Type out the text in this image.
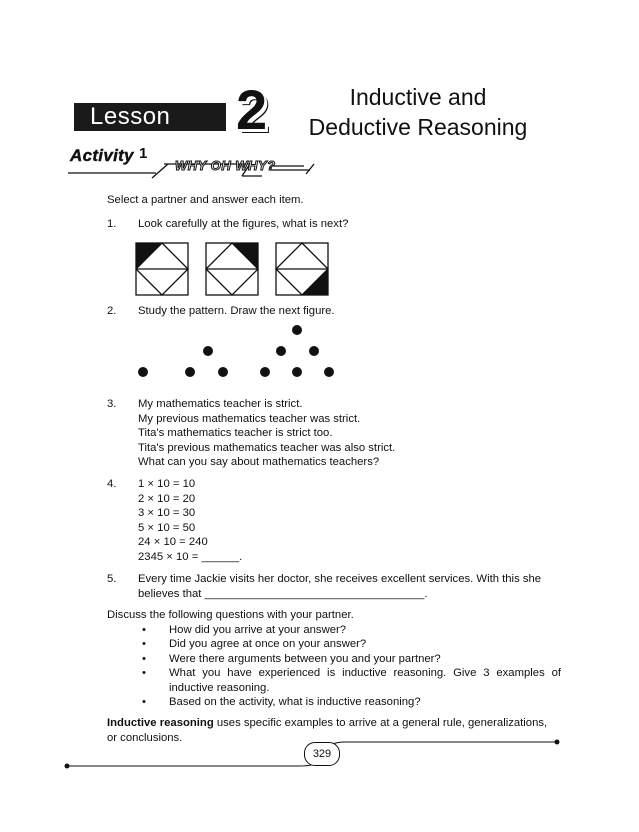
Lesson 2	Inductive and
Deductive Reasoning
Activity 1
WHY OH WHY?
Select a partner and answer each item.
1. Look carefully at the figures, what is next?
2. Study the pattern. Draw the next figure.
3. My mathematics teacher is strict.
My previous mathematics teacher was strict.
Tita's mathematics teacher is strict too.
Tita's previous mathematics teacher was also strict.
What can you say about mathematics teachers?
4. 1 × 10 = 10
2 × 10 = 20
3 × 10 = 30
5 × 10 = 50
24 × 10 = 240
2345 × 10 = ______.
5. Every time Jackie visits her doctor, she receives excellent services. With this she
believes that ___________________________________.
Discuss the following questions with your partner.
• How did you arrive at your answer?
• Did you agree at once on your answer?
• Were there arguments between you and your partner?
• What you have experienced is inductive reasoning. Give 3 examples of
inductive reasoning.
• Based on the activity, what is inductive reasoning?
Inductive reasoning uses specific examples to arrive at a general rule, generalizations,
or conclusions.
329
